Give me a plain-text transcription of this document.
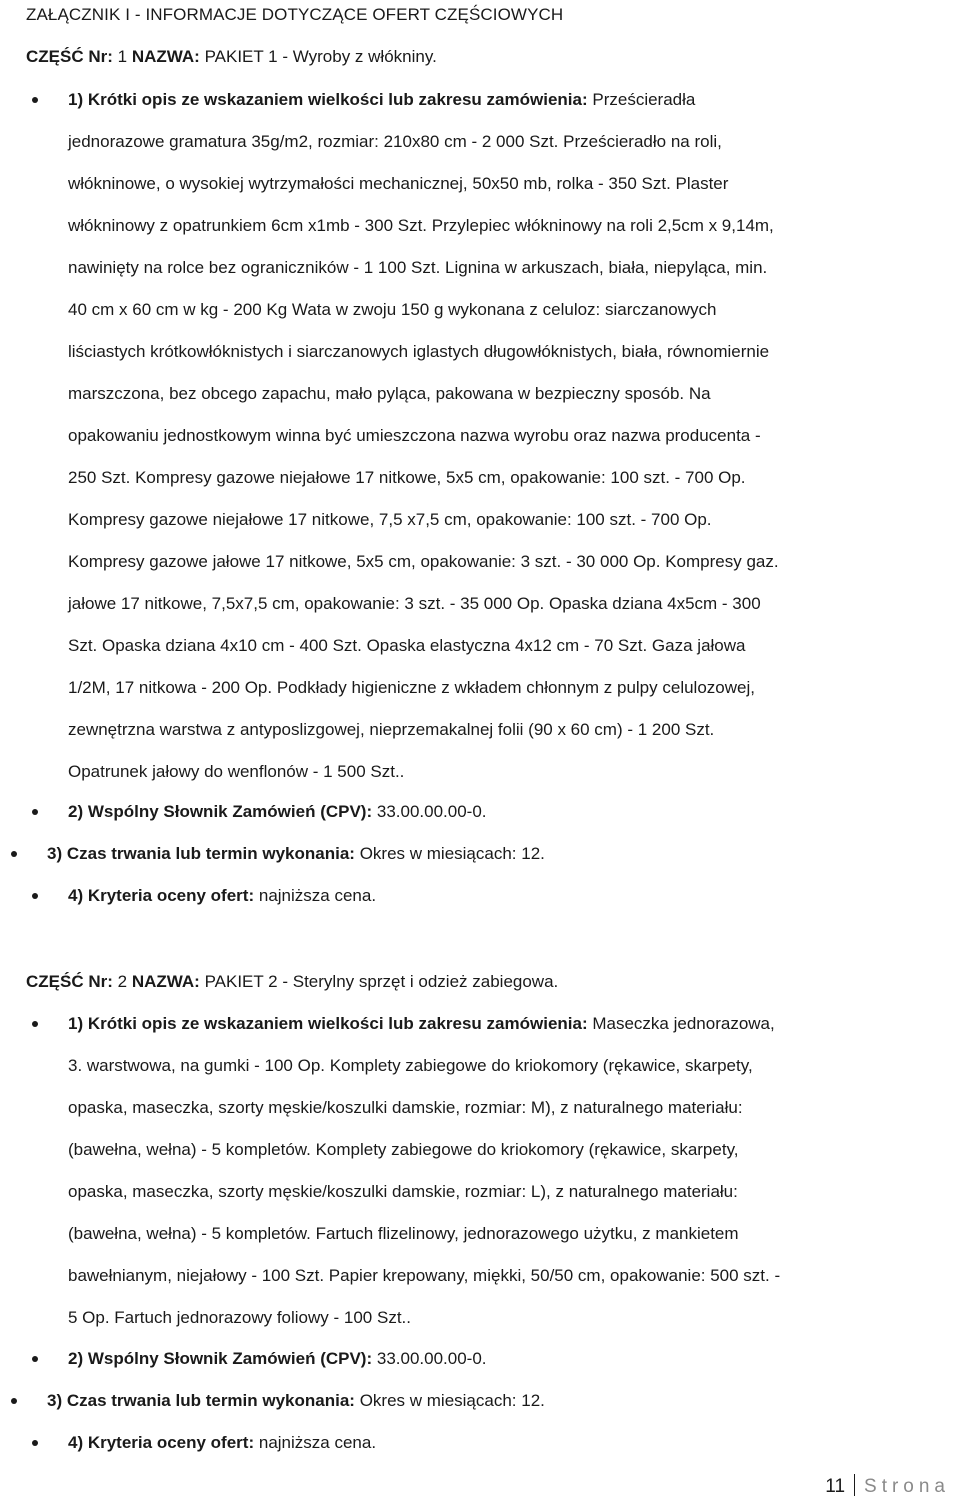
ZAŁĄCZNIK I - INFORMACJE DOTYCZĄCE OFERT CZĘŚCIOWYCH
CZĘŚĆ Nr: 1 NAZWA: PAKIET 1 - Wyroby z włókniny.
1) Krótki opis ze wskazaniem wielkości lub zakresu zamówienia: Prześcieradła
jednorazowe gramatura 35g/m2, rozmiar: 210x80 cm - 2 000 Szt. Prześcieradło na roli,
włókninowe, o wysokiej wytrzymałości mechanicznej, 50x50 mb, rolka - 350 Szt. Plaster
włókninowy z opatrunkiem 6cm x1mb - 300 Szt. Przylepiec włókninowy na roli 2,5cm x 9,14m,
nawinięty na rolce bez ograniczników - 1 100 Szt. Lignina w arkuszach, biała, niepyląca, min.
40 cm x 60 cm w kg - 200 Kg Wata w zwoju 150 g wykonana z celuloz: siarczanowych
liściastych krótkowłóknistych i siarczanowych iglastych długowłóknistych, biała, równomiernie
marszczona, bez obcego zapachu, mało pyląca, pakowana w bezpieczny sposób. Na
opakowaniu jednostkowym winna być umieszczona nazwa wyrobu oraz nazwa producenta -
250 Szt. Kompresy gazowe niejałowe 17 nitkowe, 5x5 cm, opakowanie: 100 szt. - 700 Op.
Kompresy gazowe niejałowe 17 nitkowe, 7,5 x7,5 cm, opakowanie: 100 szt. - 700 Op.
Kompresy gazowe jałowe 17 nitkowe, 5x5 cm, opakowanie: 3 szt. - 30 000 Op. Kompresy gaz.
jałowe 17 nitkowe, 7,5x7,5 cm, opakowanie: 3 szt. - 35 000 Op. Opaska dziana 4x5cm - 300
Szt. Opaska dziana 4x10 cm - 400 Szt. Opaska elastyczna 4x12 cm - 70 Szt. Gaza jałowa
1/2M, 17 nitkowa - 200 Op. Podkłady higieniczne z wkładem chłonnym z pulpy celulozowej,
zewnętrzna warstwa z antyposlizgowej, nieprzemakalnej folii (90 x 60 cm) - 1 200 Szt.
Opatrunek jałowy do wenflonów - 1 500 Szt..
2) Wspólny Słownik Zamówień (CPV): 33.00.00.00-0.
3) Czas trwania lub termin wykonania: Okres w miesiącach: 12.
4) Kryteria oceny ofert: najniższa cena.
CZĘŚĆ Nr: 2 NAZWA: PAKIET 2 - Sterylny sprzęt i odzież zabiegowa.
1) Krótki opis ze wskazaniem wielkości lub zakresu zamówienia: Maseczka jednorazowa,
3. warstwowa, na gumki - 100 Op. Komplety zabiegowe do kriokomory (rękawice, skarpety,
opaska, maseczka, szorty męskie/koszulki damskie, rozmiar: M), z naturalnego materiału:
(bawełna, wełna) - 5 kompletów. Komplety zabiegowe do kriokomory (rękawice, skarpety,
opaska, maseczka, szorty męskie/koszulki damskie, rozmiar: L), z naturalnego materiału:
(bawełna, wełna) - 5 kompletów. Fartuch flizelinowy, jednorazowego użytku, z mankietem
bawełnianym, niejałowy - 100 Szt. Papier krepowany, miękki, 50/50 cm, opakowanie: 500 szt. -
5 Op. Fartuch jednorazowy foliowy - 100 Szt..
2) Wspólny Słownik Zamówień (CPV): 33.00.00.00-0.
3) Czas trwania lub termin wykonania: Okres w miesiącach: 12.
4) Kryteria oceny ofert: najniższa cena.
11 Strona
